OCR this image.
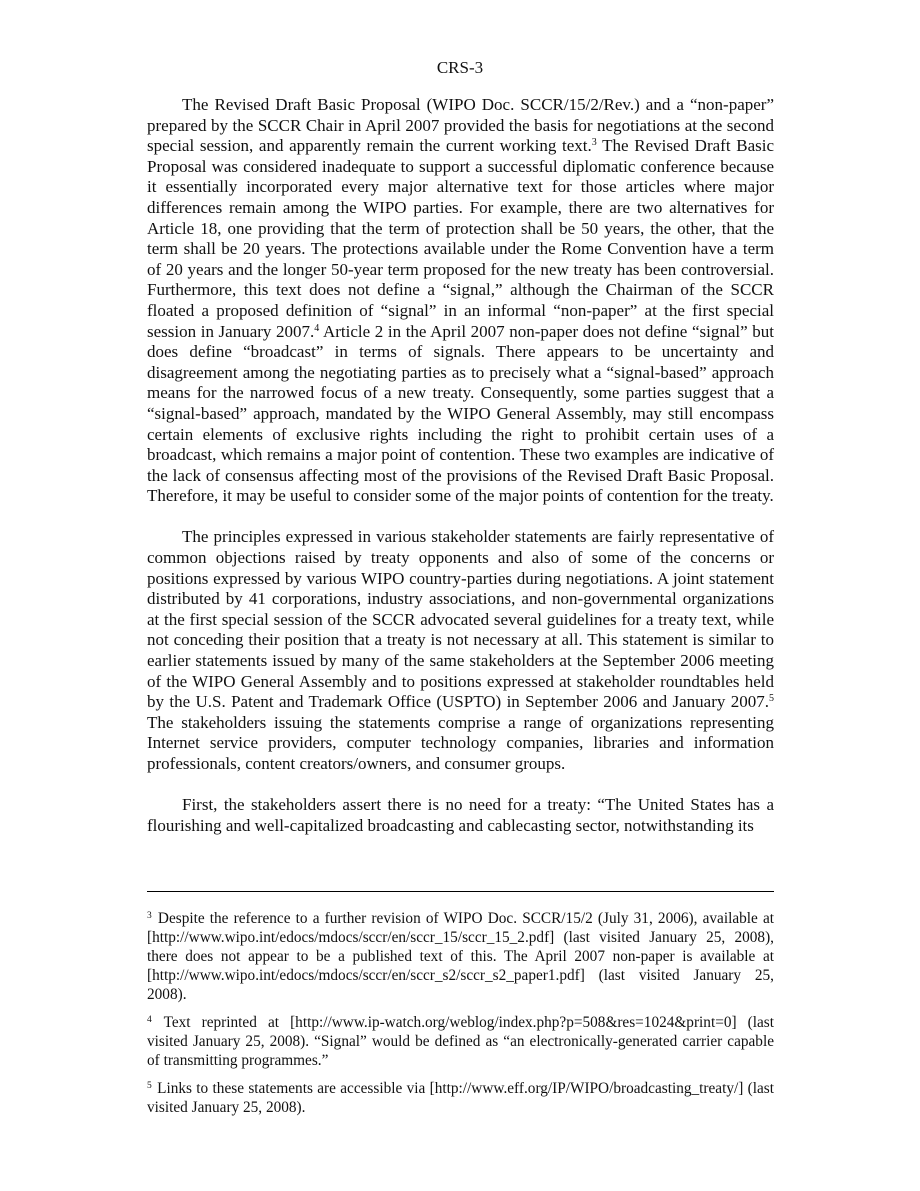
CRS-3

The Revised Draft Basic Proposal (WIPO Doc. SCCR/15/2/Rev.) and a “non-paper” prepared by the SCCR Chair in April 2007 provided the basis for negotiations at the second special session, and apparently remain the current working text.$^3$ The Revised Draft Basic Proposal was considered inadequate to support a successful diplomatic conference because it essentially incorporated every major alternative text for those articles where major differences remain among the WIPO parties. For example, there are two alternatives for Article 18, one providing that the term of protection shall be 50 years, the other, that the term shall be 20 years. The protections available under the Rome Convention have a term of 20 years and the longer 50-year term proposed for the new treaty has been controversial. Furthermore, this text does not define a “signal,” although the Chairman of the SCCR floated a proposed definition of “signal” in an informal “non-paper” at the first special session in January 2007.$^4$ Article 2 in the April 2007 non-paper does not define “signal” but does define “broadcast” in terms of signals. There appears to be uncertainty and disagreement among the negotiating parties as to precisely what a “signal-based” approach means for the narrowed focus of a new treaty. Consequently, some parties suggest that a “signal-based” approach, mandated by the WIPO General Assembly, may still encompass certain elements of exclusive rights including the right to prohibit certain uses of a broadcast, which remains a major point of contention. These two examples are indicative of the lack of consensus affecting most of the provisions of the Revised Draft Basic Proposal. Therefore, it may be useful to consider some of the major points of contention for the treaty.

The principles expressed in various stakeholder statements are fairly representative of common objections raised by treaty opponents and also of some of the concerns or positions expressed by various WIPO country-parties during negotiations. A joint statement distributed by 41 corporations, industry associations, and non-governmental organizations at the first special session of the SCCR advocated several guidelines for a treaty text, while not conceding their position that a treaty is not necessary at all. This statement is similar to earlier statements issued by many of the same stakeholders at the September 2006 meeting of the WIPO General Assembly and to positions expressed at stakeholder roundtables held by the U.S. Patent and Trademark Office (USPTO) in September 2006 and January 2007.$^5$ The stakeholders issuing the statements comprise a range of organizations representing Internet service providers, computer technology companies, libraries and information professionals, content creators/owners, and consumer groups.

First, the stakeholders assert there is no need for a treaty: “The United States has a flourishing and well-capitalized broadcasting and cablecasting sector, notwithstanding its

$^3$ Despite the reference to a further revision of WIPO Doc. SCCR/15/2 (July 31, 2006), available at [http://www.wipo.int/edocs/mdocs/sccr/en/sccr_15/sccr_15_2.pdf] (last visited January 25, 2008), there does not appear to be a published text of this. The April 2007 non-paper is available at [http://www.wipo.int/edocs/mdocs/sccr/en/sccr_s2/sccr_s2_paper1.pdf] (last visited January 25, 2008).

$^4$ Text reprinted at [http://www.ip-watch.org/weblog/index.php?p=508&res=1024&print=0] (last visited January 25, 2008). “Signal” would be defined as “an electronically-generated carrier capable of transmitting programmes.”

$^5$ Links to these statements are accessible via [http://www.eff.org/IP/WIPO/broadcasting_treaty/] (last visited January 25, 2008).
